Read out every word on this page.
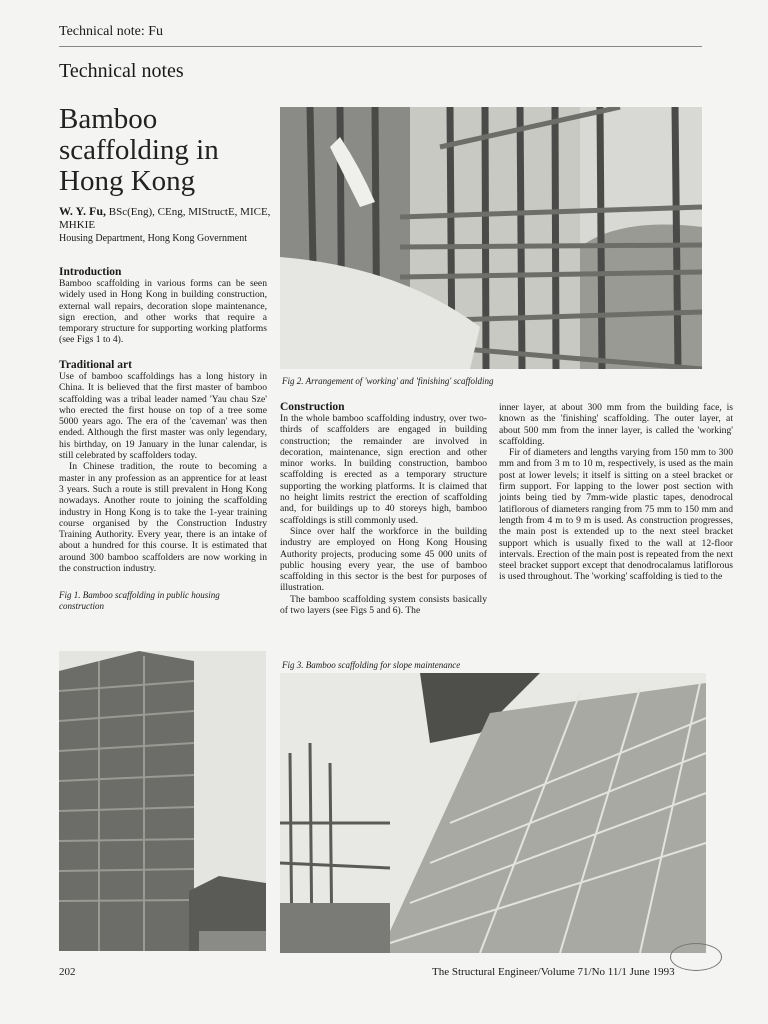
Technical note: Fu
Technical notes
Bamboo scaffolding in Hong Kong
W. Y. Fu, BSc(Eng), CEng, MIStructE, MICE, MHKIE
Housing Department, Hong Kong Government
Introduction

Bamboo scaffolding in various forms can be seen widely used in Hong Kong in building construction, external wall repairs, decoration slope maintenance, sign erection, and other works that require a temporary structure for supporting working platforms (see Figs 1 to 4).

Traditional art

Use of bamboo scaffoldings has a long history in China. It is believed that the first master of bamboo scaffolding was a tribal leader named 'Yau chau Sze' who erected the first house on top of a tree some 5000 years ago. The era of the 'caveman' was then ended. Although the first master was only legendary, his birthday, on 19 January in the lunar calendar, is still celebrated by scaffolders today.

In Chinese tradition, the route to becoming a master in any profession as an apprentice for at least 3 years. Such a route is still prevalent in Hong Kong nowadays. Another route to joining the scaffolding industry in Hong Kong is to take the 1-year training course organised by the Construction Industry Training Authority. Every year, there is an intake of about a hundred for this course. It is estimated that around 300 bamboo scaffolders are now working in the construction industry.

Fig 1. Bamboo scaffolding in public housing construction
Fig 2. Arrangement of 'working' and 'finishing' scaffolding
Construction

In the whole bamboo scaffolding industry, over two-thirds of scaffolders are engaged in building construction; the remainder are involved in decoration, maintenance, sign erection and other minor works. In building construction, bamboo scaffolding is erected as a temporary structure supporting the working platforms. It is claimed that no height limits restrict the erection of scaffolding and, for buildings up to 40 storeys high, bamboo scaffoldings is still commonly used.

Since over half the workforce in the building industry are employed on Hong Kong Housing Authority projects, producing some 45 000 units of public housing every year, the use of bamboo scaffolding in this sector is the best for purposes of illustration.

The bamboo scaffolding system consists basically of two layers (see Figs 5 and 6). The

inner layer, at about 300 mm from the building face, is known as the 'finishing' scaffolding. The outer layer, at about 500 mm from the inner layer, is called the 'working' scaffolding.

Fir of diameters and lengths varying from 150 mm to 300 mm and from 3 m to 10 m, respectively, is used as the main post at lower levels; it itself is sitting on a steel bracket or firm support. For lapping to the lower post section with joints being tied by 7mm-wide plastic tapes, denodrocal latiflorous of diameters ranging from 75 mm to 150 mm and length from 4 m to 9 m is used. As construction progresses, the main post is extended up to the next steel bracket support which is usually fixed to the wall at 12-floor intervals. Erection of the main post is repeated from the next steel bracket support except that denodrocalamus latiflorous is used throughout. The 'working' scaffolding is tied to the

Fig 3. Bamboo scaffolding for slope maintenance
202	The Structural Engineer/Volume 71/No 11/1 June 1993
